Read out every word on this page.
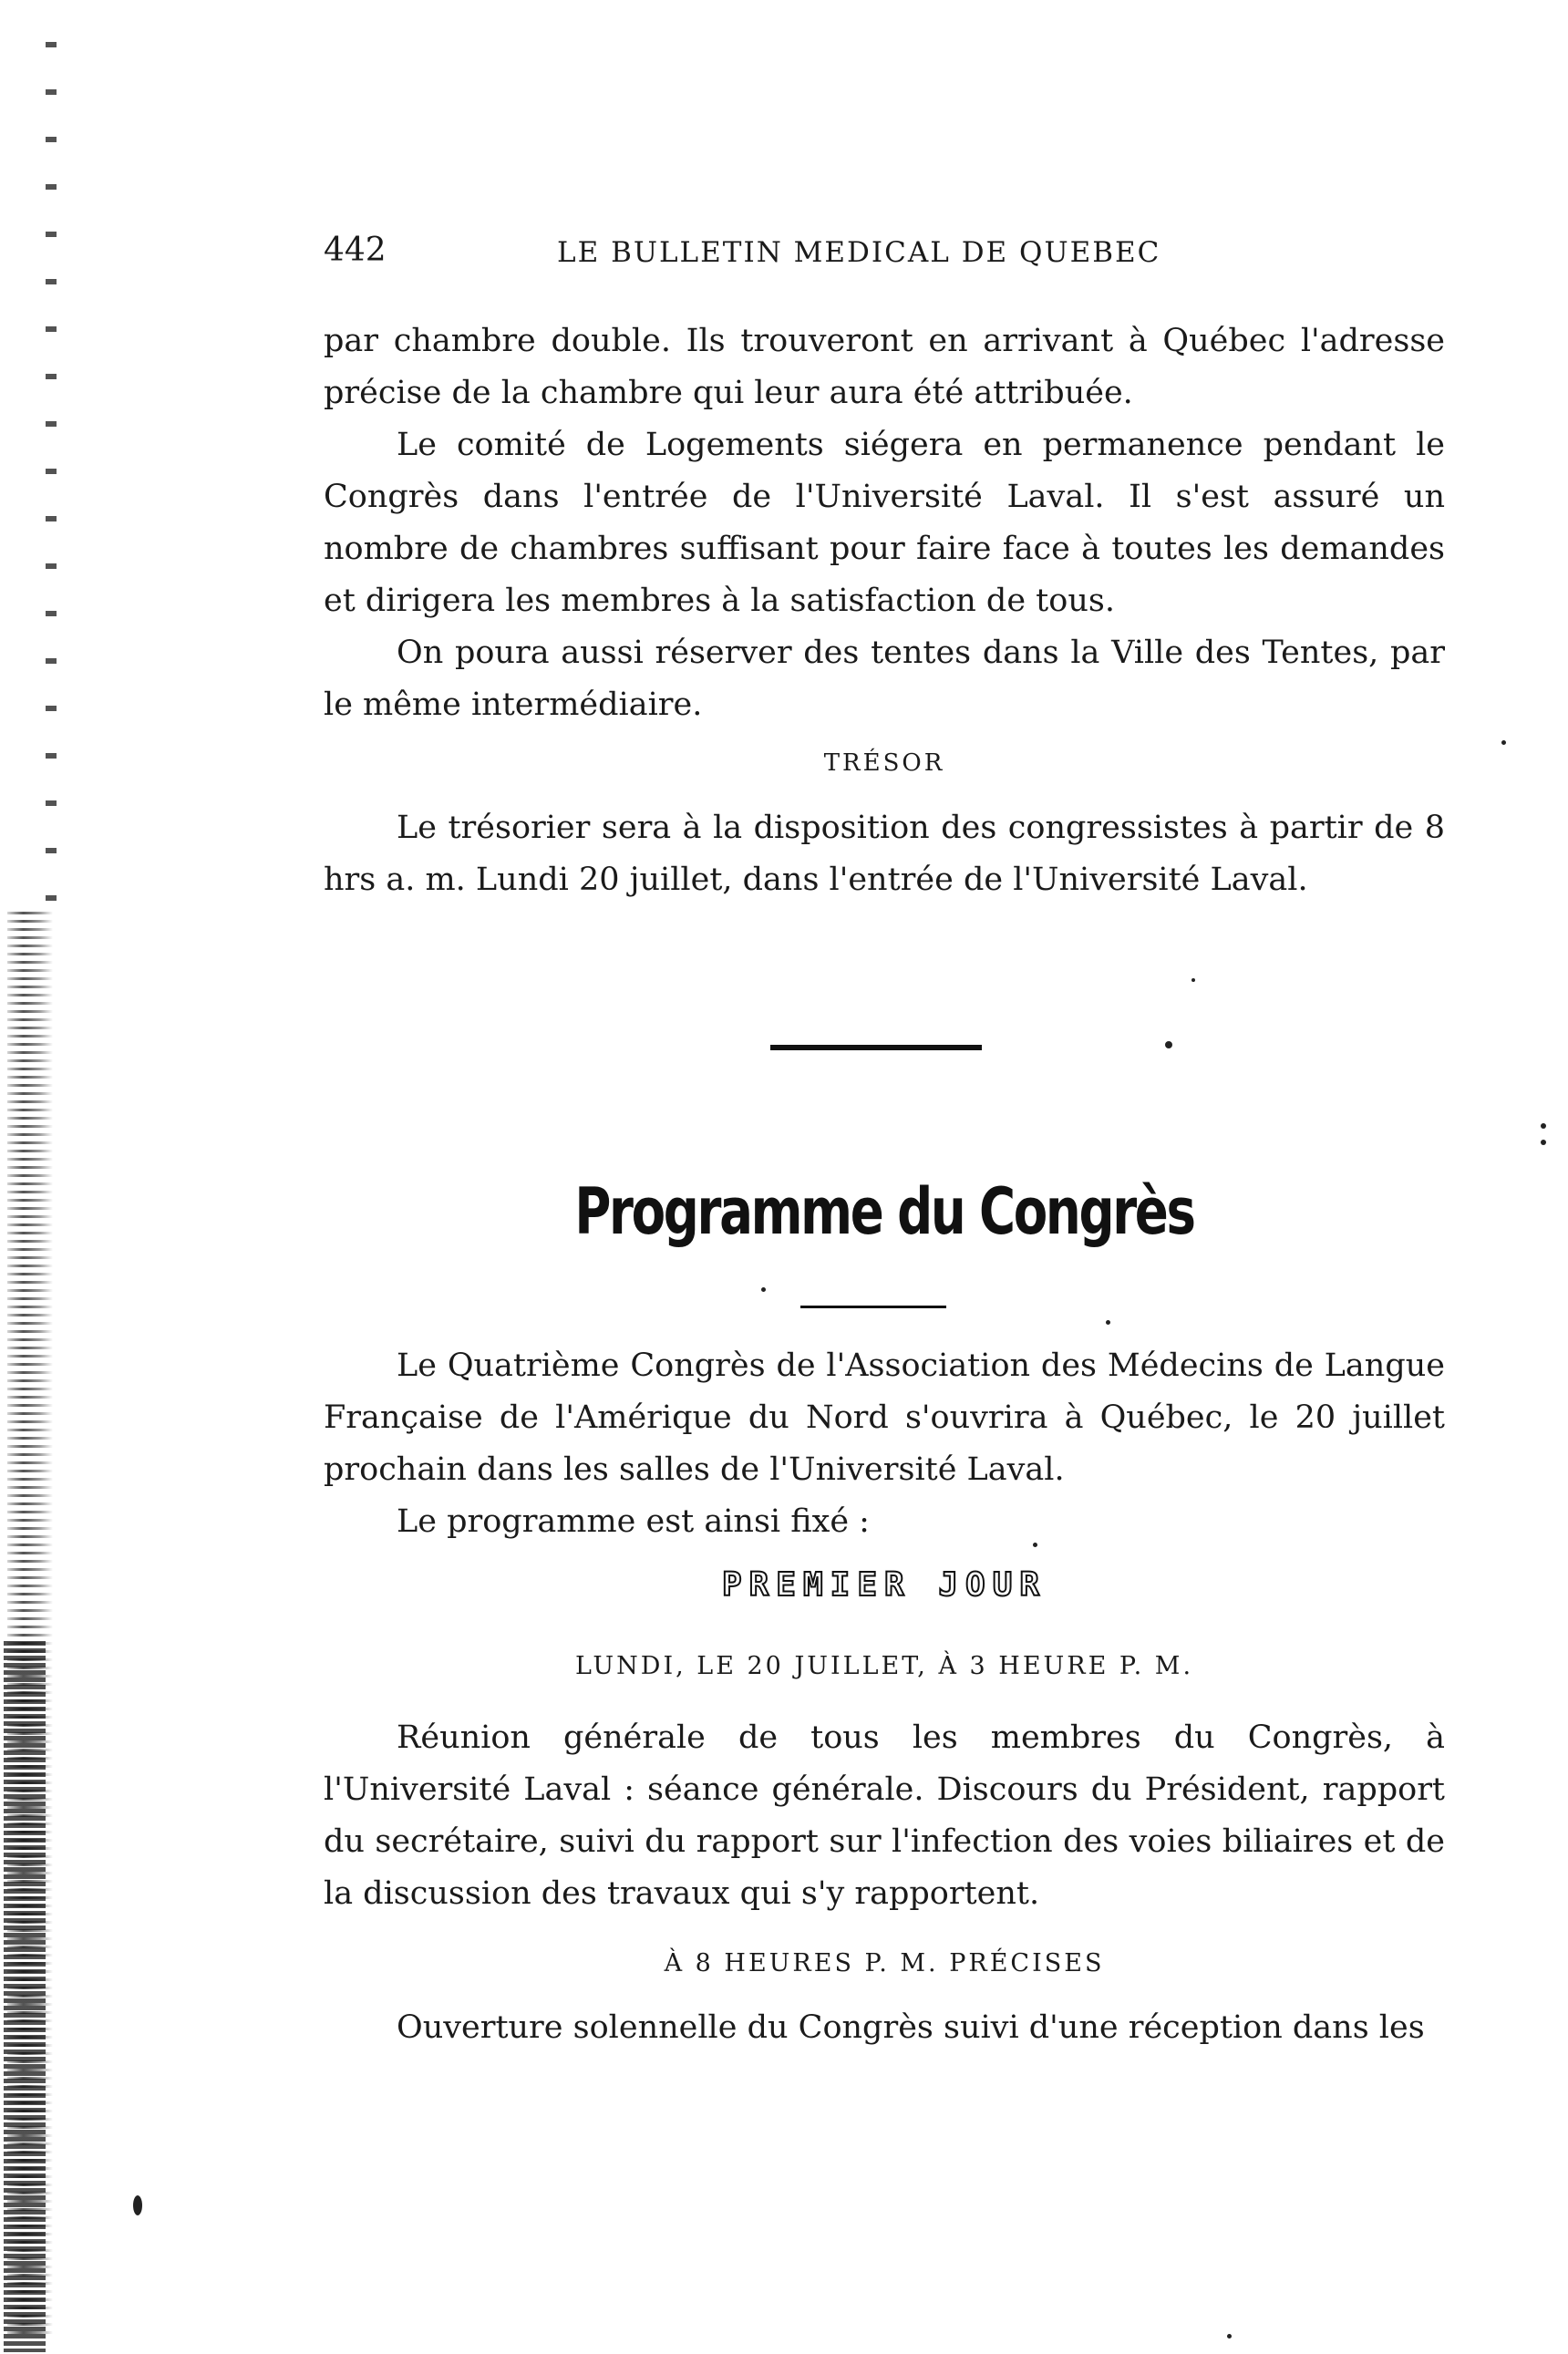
442	LE BULLETIN MEDICAL DE QUEBEC

par chambre double. Ils trouveront en arrivant à Québec l'adresse précise de la chambre qui leur aura été attribuée.

Le comité de Logements siégera en permanence pendant le Congrès dans l'entrée de l'Université Laval. Il s'est assuré un nombre de chambres suffisant pour faire face à toutes les demandes et dirigera les membres à la satisfaction de tous.

On poura aussi réserver des tentes dans la Ville des Tentes, par le même intermédiaire.

TRÉSOR

Le trésorier sera à la disposition des congressistes à partir de 8 hrs a. m. Lundi 20 juillet, dans l'entrée de l'Université Laval.

Programme du Congrès

Le Quatrième Congrès de l'Association des Médecins de Langue Française de l'Amérique du Nord s'ouvrira à Québec, le 20 juillet prochain dans les salles de l'Université Laval.

Le programme est ainsi fixé :

PREMIER JOUR
LUNDI, LE 20 JUILLET, À 3 HEURE P. M.

Réunion générale de tous les membres du Congrès, à l'Université Laval : séance générale. Discours du Président, rapport du secrétaire, suivi du rapport sur l'infection des voies biliaires et de la discussion des travaux qui s'y rapportent.

À 8 HEURES P. M. PRÉCISES

Ouverture solennelle du Congrès suivi d'une réception dans les
